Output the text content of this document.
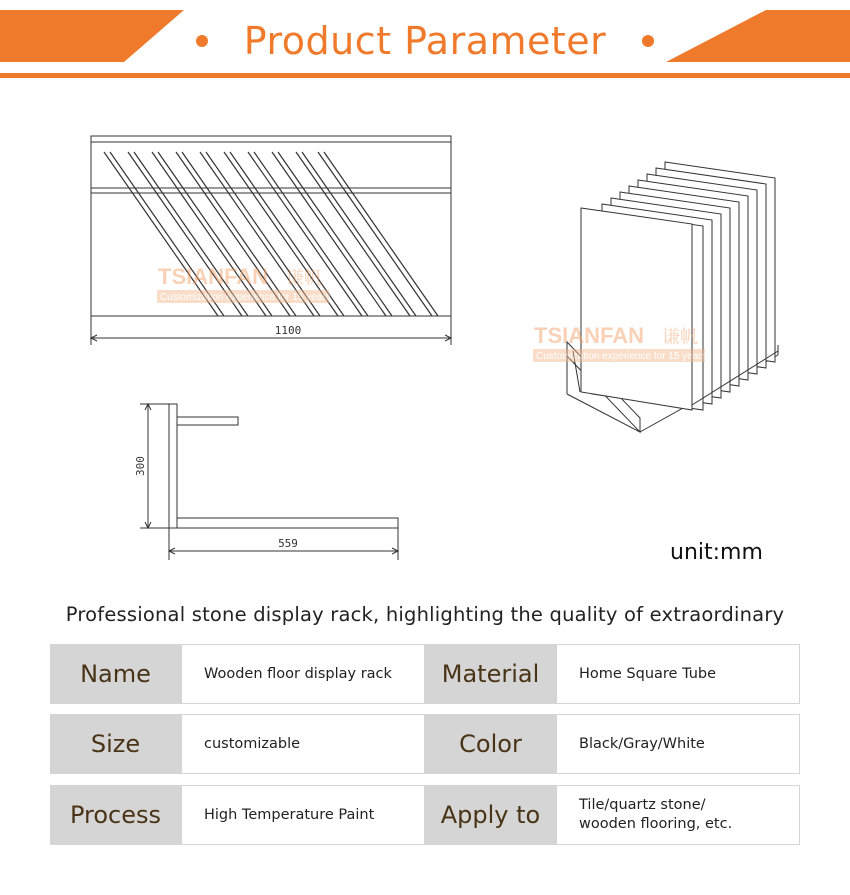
Product Parameter
1100
559
300
TSIANFAN 谦帆
Customization experience for 15 years
TSIANFAN 谦帆
Customization experience for 15 years
unit:mm
Professional stone display rack, highlighting the quality of extraordinary
Name	Wooden floor display rack	Material	Home Square Tube
Size	customizable	Color	Black/Gray/White
Process	High Temperature Paint	Apply to	Tile/quartz stone/
wooden flooring, etc.
